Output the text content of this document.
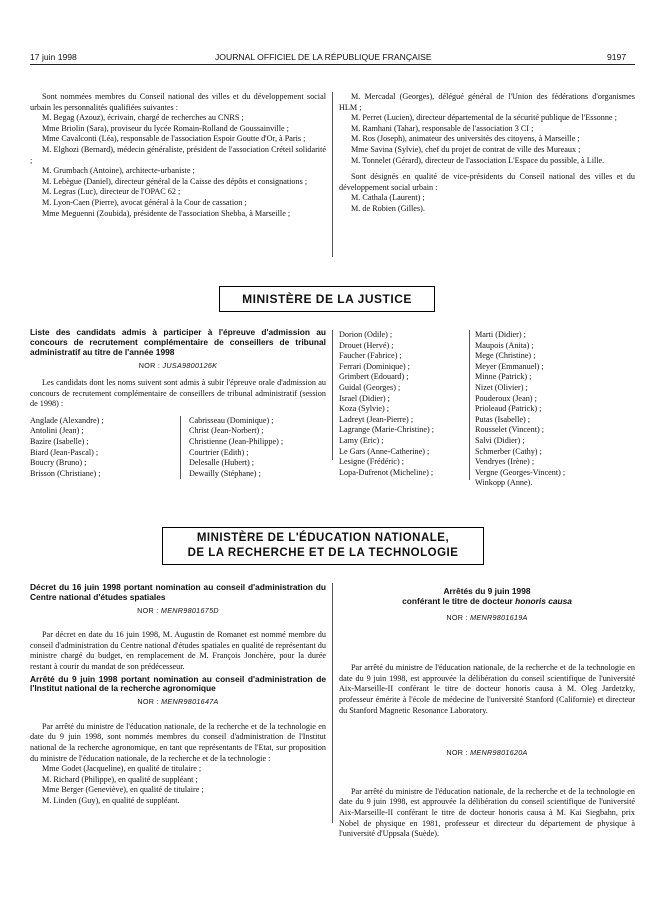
17 juin 1998	JOURNAL OFFICIEL DE LA RÉPUBLIQUE FRANÇAISE	9197

Sont nommées membres du Conseil national des villes et du développement social urbain les personnalités qualifiées suivantes :

M. Begag (Azouz), écrivain, chargé de recherches au CNRS ;

Mme Briolin (Sara), proviseur du lycée Romain-Rolland de Goussainville ;

Mme Cavalconti (Léa), responsable de l'association Espoir Goutte d'Or, à Paris ;

M. Elghozi (Bernard), médecin généraliste, président de l'association Créteil solidarité ;

M. Grumbach (Antoine), architecte-urbaniste ;

M. Lebègue (Daniel), directeur général de la Caisse des dépôts et consignations ;

M. Legras (Luc), directeur de l'OPAC 62 ;

M. Lyon-Caen (Pierre), avocat général à la Cour de cassation ;

Mme Meguenni (Zoubida), présidente de l'association Shebba, à Marseille ;

M. Mercadal (Georges), délégué général de l'Union des fédérations d'organismes HLM ;

M. Perret (Lucien), directeur départemental de la sécurité publique de l'Essonne ;

M. Ramhani (Tahar), responsable de l'association 3 CI ;

M. Ros (Joseph), animateur des universités des citoyens, à Marseille ;

Mme Savina (Sylvie), chef du projet de contrat de ville des Mureaux ;

M. Tonnelet (Gérard), directeur de l'association L'Espace du possible, à Lille.

Sont désignés en qualité de vice-présidents du Conseil national des villes et du développement social urbain :

M. Cathala (Laurent) ;

M. de Robien (Gilles).

MINISTÈRE DE LA JUSTICE
Liste des candidats admis à participer à l'épreuve d'admission au concours de recrutement complémentaire de conseillers de tribunal administratif au titre de l'année 1998
NOR : JUSA9800126K

Les candidats dont les noms suivent sont admis à subir l'épreuve orale d'admission au concours de recrutement complémentaire de conseillers de tribunal administratif (session de 1998) :

Anglade (Alexandre) ;

Antolini (Jean) ;

Bazire (Isabelle) ;

Biard (Jean-Pascal) ;

Boucry (Bruno) ;

Brisson (Christiane) ;

Cabrisseau (Dominique) ;

Christ (Jean-Norbert) ;

Christienne (Jean-Philippe) ;

Courtrier (Edith) ;

Delesalle (Hubert) ;

Dewailly (Stéphane) ;

Dorion (Odile) ;

Drouet (Hervé) ;

Faucher (Fabrice) ;

Ferrari (Dominique) ;

Grimbert (Edouard) ;

Guidal (Georges) ;

Israel (Didier) ;

Koza (Sylvie) ;

Ladreyt (Jean-Pierre) ;

Lagrange (Marie-Christine) ;

Lamy (Eric) ;

Le Gars (Anne-Catherine) ;

Lesigne (Frédéric) ;

Lopa-Dufrenot (Micheline) ;

Marti (Didier) ;

Maupois (Anita) ;

Mege (Christine) ;

Meyer (Emmanuel) ;

Minne (Patrick) ;

Nizet (Olivier) ;

Pouderoux (Jean) ;

Prioleaud (Patrick) ;

Putas (Isabelle) ;

Rousselet (Vincent) ;

Salvi (Didier) ;

Schmerber (Cathy) ;

Vendryes (Irène) ;

Vergne (Georges-Vincent) ;

Winkopp (Anne).

MINISTÈRE DE L'ÉDUCATION NATIONALE,
DE LA RECHERCHE ET DE LA TECHNOLOGIE
Décret du 16 juin 1998 portant nomination au conseil d'administration du Centre national d'études spatiales
NOR : MENR9801675D

Par décret en date du 16 juin 1998, M. Augustin de Romanet est nommé membre du conseil d'administration du Centre national d'études spatiales en qualité de représentant du ministre chargé du budget, en remplacement de M. François Jonchère, pour la durée restant à courir du mandat de son prédécesseur.

Arrêté du 9 juin 1998 portant nomination au conseil d'administration de l'Institut national de la recherche agronomique
NOR : MENR9801647A

Par arrêté du ministre de l'éducation nationale, de la recherche et de la technologie en date du 9 juin 1998, sont nommés membres du conseil d'administration de l'Institut national de la recherche agronomique, en tant que représentants de l'Etat, sur proposition du ministre de l'éducation nationale, de la recherche et de la technologie :

Mme Godet (Jacqueline), en qualité de titulaire ;

M. Richard (Philippe), en qualité de suppléant ;

Mme Berger (Geneviève), en qualité de titulaire ;

M. Linden (Guy), en qualité de suppléant.

Arrêtés du 9 juin 1998
conférant le titre de docteur honoris causa
NOR : MENR9801619A

Par arrêté du ministre de l'éducation nationale, de la recherche et de la technologie en date du 9 juin 1998, est approuvée la délibération du conseil scientifique de l'université Aix-Marseille-II conférant le titre de docteur honoris causa à M. Oleg Jardetzky, professeur émérite à l'école de médecine de l'université Stanford (Californie) et directeur du Stanford Magnetic Resonance Laboratory.

NOR : MENR9801620A

Par arrêté du ministre de l'éducation nationale, de la recherche et de la technologie en date du 9 juin 1998, est approuvée la délibération du conseil scientifique de l'université Aix-Marseille-II conférant le titre de docteur honoris causa à M. Kai Siegbahn, prix Nobel de physique en 1981, professeur et directeur du département de physique à l'université d'Uppsala (Suède).
